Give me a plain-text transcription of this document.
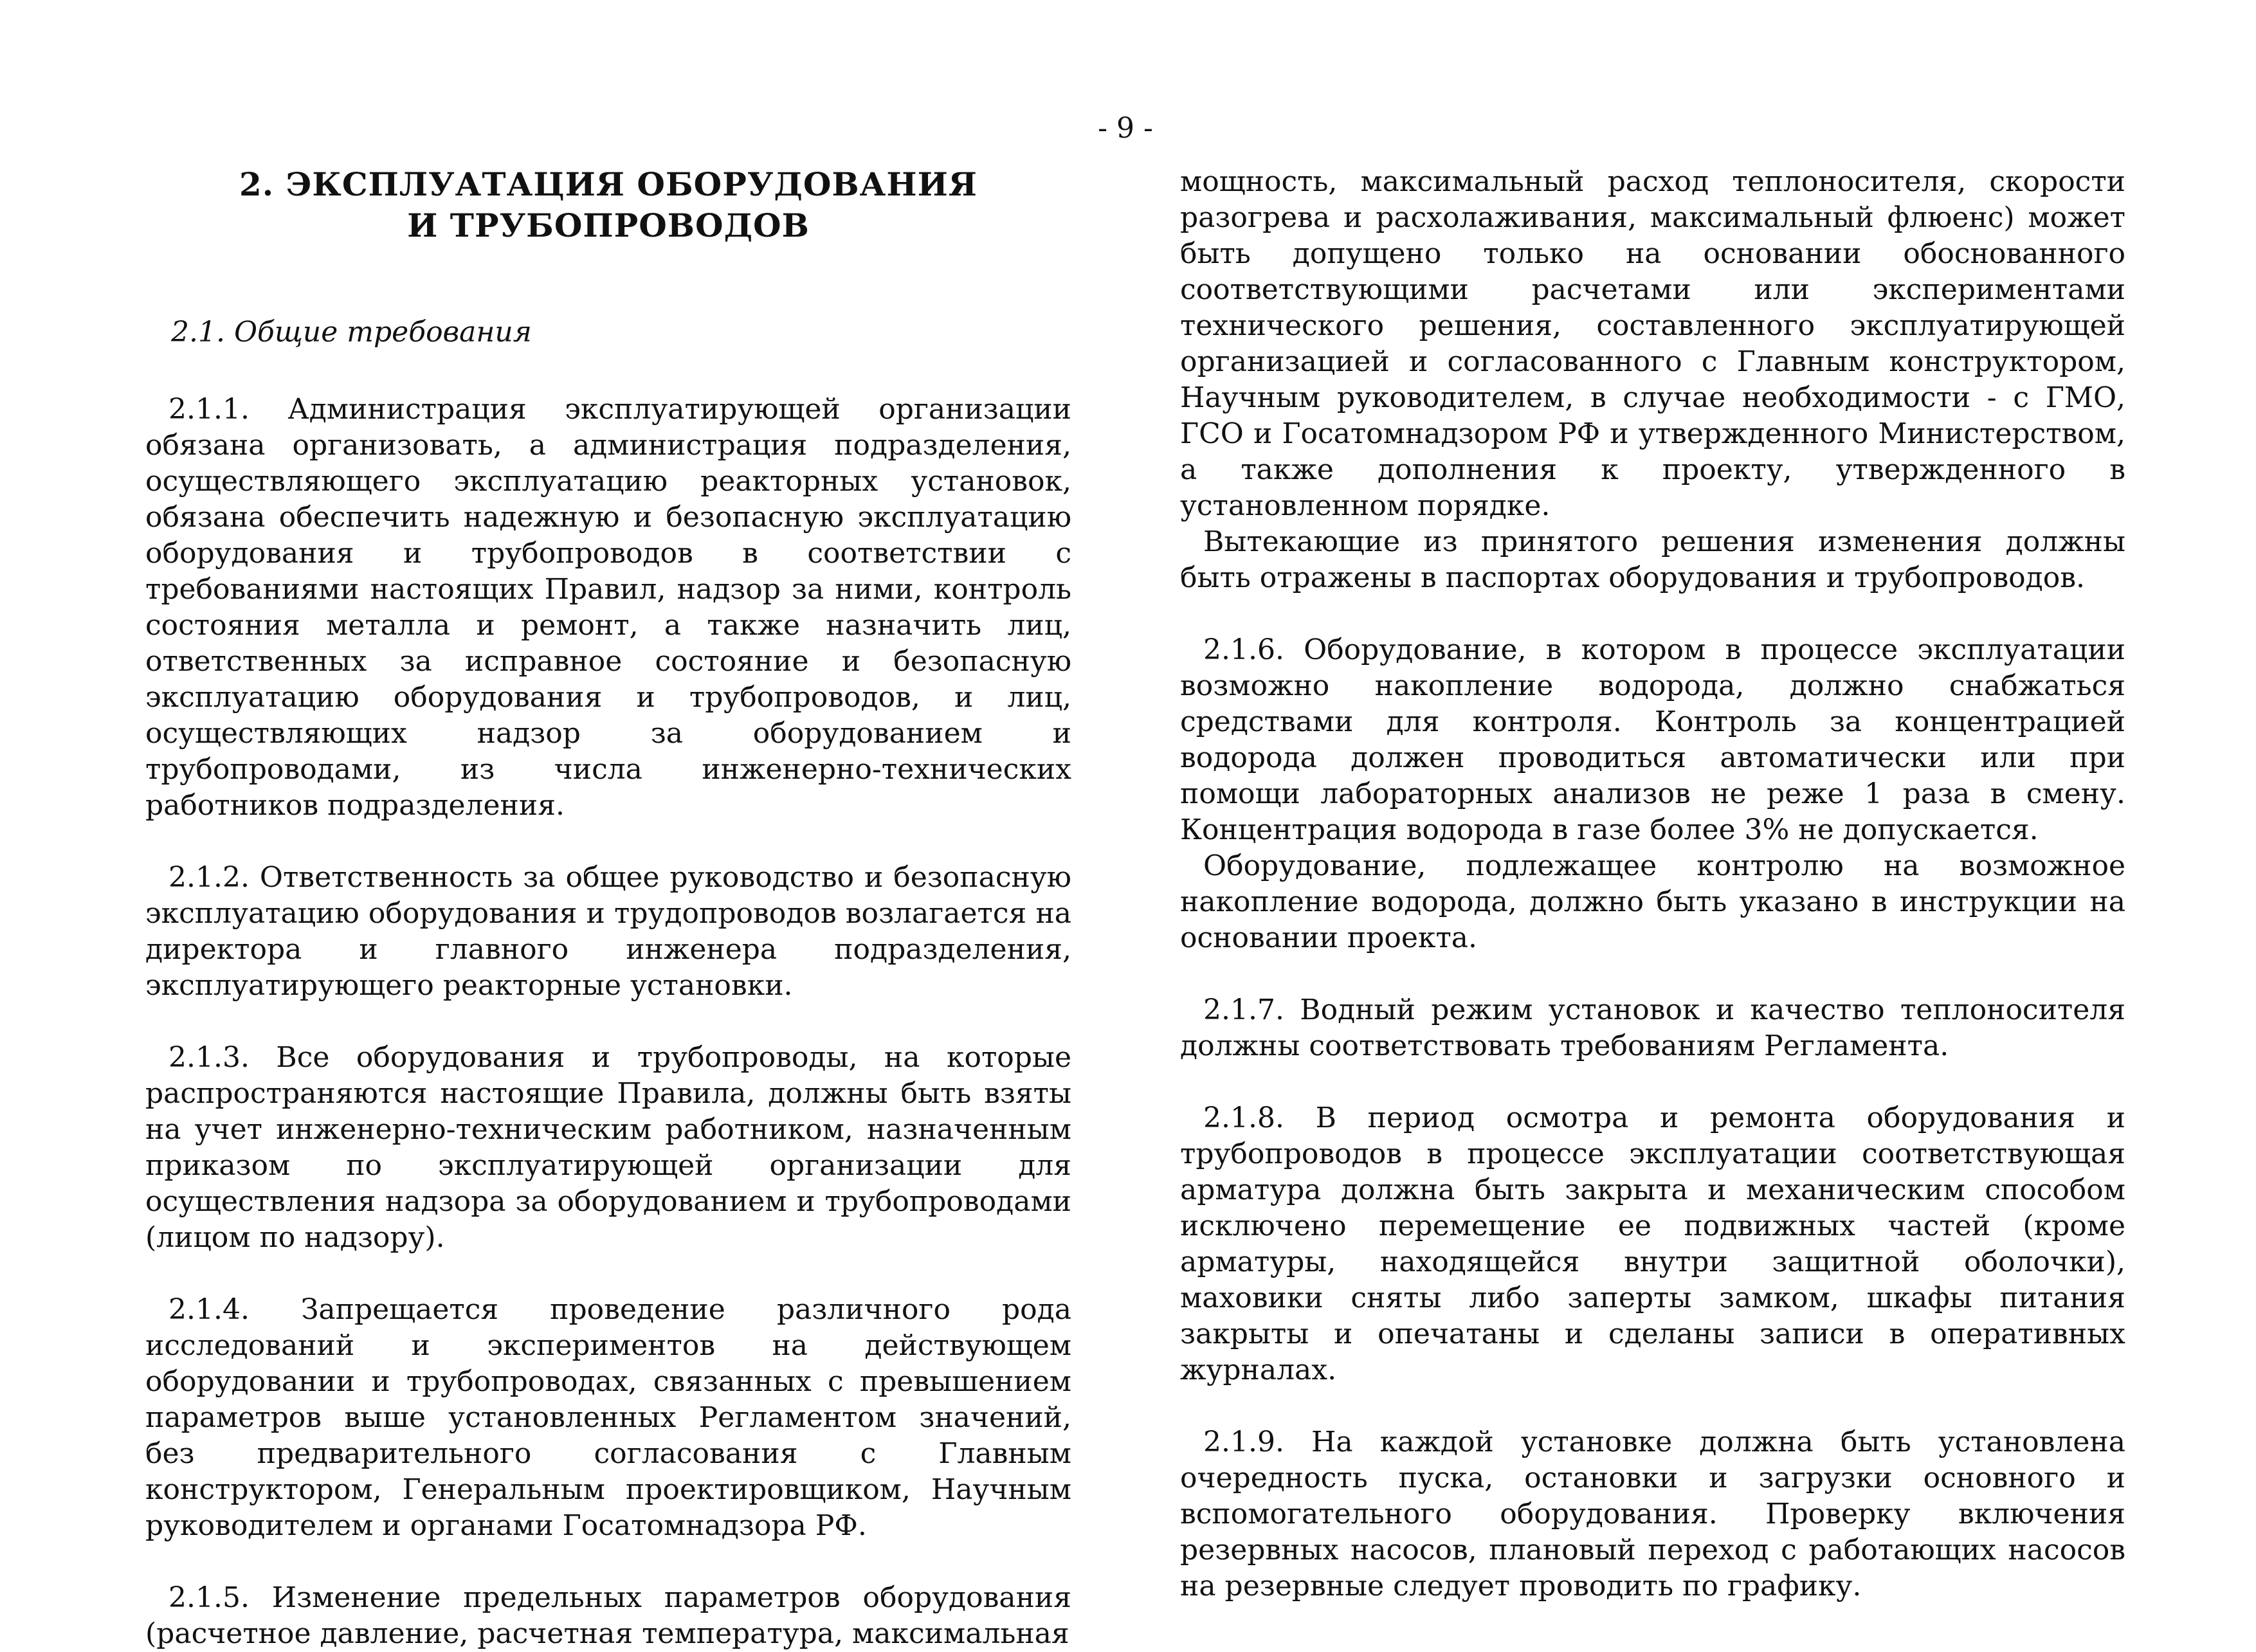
- 9 -
2. ЭКСПЛУАТАЦИЯ ОБОРУДОВАНИЯ
И ТРУБОПРОВОДОВ
2.1. Общие требования

2.1.1. Администрация эксплуатирующей организации обязана организовать, а администрация подразделения, осуществляющего эксплуатацию реакторных установок, обязана обеспечить надежную и безопасную эксплуатацию оборудования и трубопроводов в соответствии с требованиями настоящих Правил, надзор за ними, контроль состояния металла и ремонт, а также назначить лиц, ответственных за исправное состояние и безопасную эксплуатацию оборудования и трубопроводов, и лиц, осуществляющих надзор за оборудованием и трубопроводами, из числа инженерно-технических работников подразделения.

2.1.2. Ответственность за общее руководство и безопасную эксплуатацию оборудования и трудопроводов возлагается на директора и главного инженера подразделения, эксплуатирующего реакторные установки.

2.1.3. Все оборудования и трубопроводы, на которые распространяются настоящие Правила, должны быть взяты на учет инженерно-техническим работником, назначенным приказом по эксплуатирующей организации для осуществления надзора за оборудованием и трубопроводами (лицом по надзору).

2.1.4. Запрещается проведение различного рода исследований и экспериментов на действующем оборудовании и трубопроводах, связанных с превышением параметров выше установленных Регламентом значений, без предварительного согласования с Главным конструктором, Генеральным проектировщиком, Научным руководителем и органами Госатомнадзора РФ.

2.1.5. Изменение предельных параметров оборудования (расчетное давление, расчетная температура, максимальная

мощность, максимальный расход теплоносителя, скорости разогрева и расхолаживания, максимальный флюенс) может быть допущено только на основании обоснованного соответствующими расчетами или экспериментами технического решения, составленного эксплуатирующей организацией и согласованного с Главным конструктором, Научным руководителем, в случае необходимости - с ГМО, ГСО и Госатомнадзором РФ и утвержденного Министерством, а также дополнения к проекту, утвержденного в установленном порядке.

Вытекающие из принятого решения изменения должны быть отражены в паспортах оборудования и трубопроводов.

2.1.6. Оборудование, в котором в процессе эксплуатации возможно накопление водорода, должно снабжаться средствами для контроля. Контроль за концентрацией водорода должен проводиться автоматически или при помощи лабораторных анализов не реже 1 раза в смену. Концентрация водорода в газе более 3% не допускается.

Оборудование, подлежащее контролю на возможное накопление водорода, должно быть указано в инструкции на основании проекта.

2.1.7. Водный режим установок и качество теплоносителя должны соответствовать требованиям Регламента.

2.1.8. В период осмотра и ремонта оборудования и трубопроводов в процессе эксплуатации соответствующая арматура должна быть закрыта и механическим способом исключено перемещение ее подвижных частей (кроме арматуры, находящейся внутри защитной оболочки), маховики сняты либо заперты замком, шкафы питания закрыты и опечатаны и сделаны записи в оперативных журналах.

2.1.9. На каждой установке должна быть установлена очередность пуска, остановки и загрузки основного и вспомогательного оборудования. Проверку включения резервных насосов, плановый переход с работающих насосов на резервные следует проводить по графику.
